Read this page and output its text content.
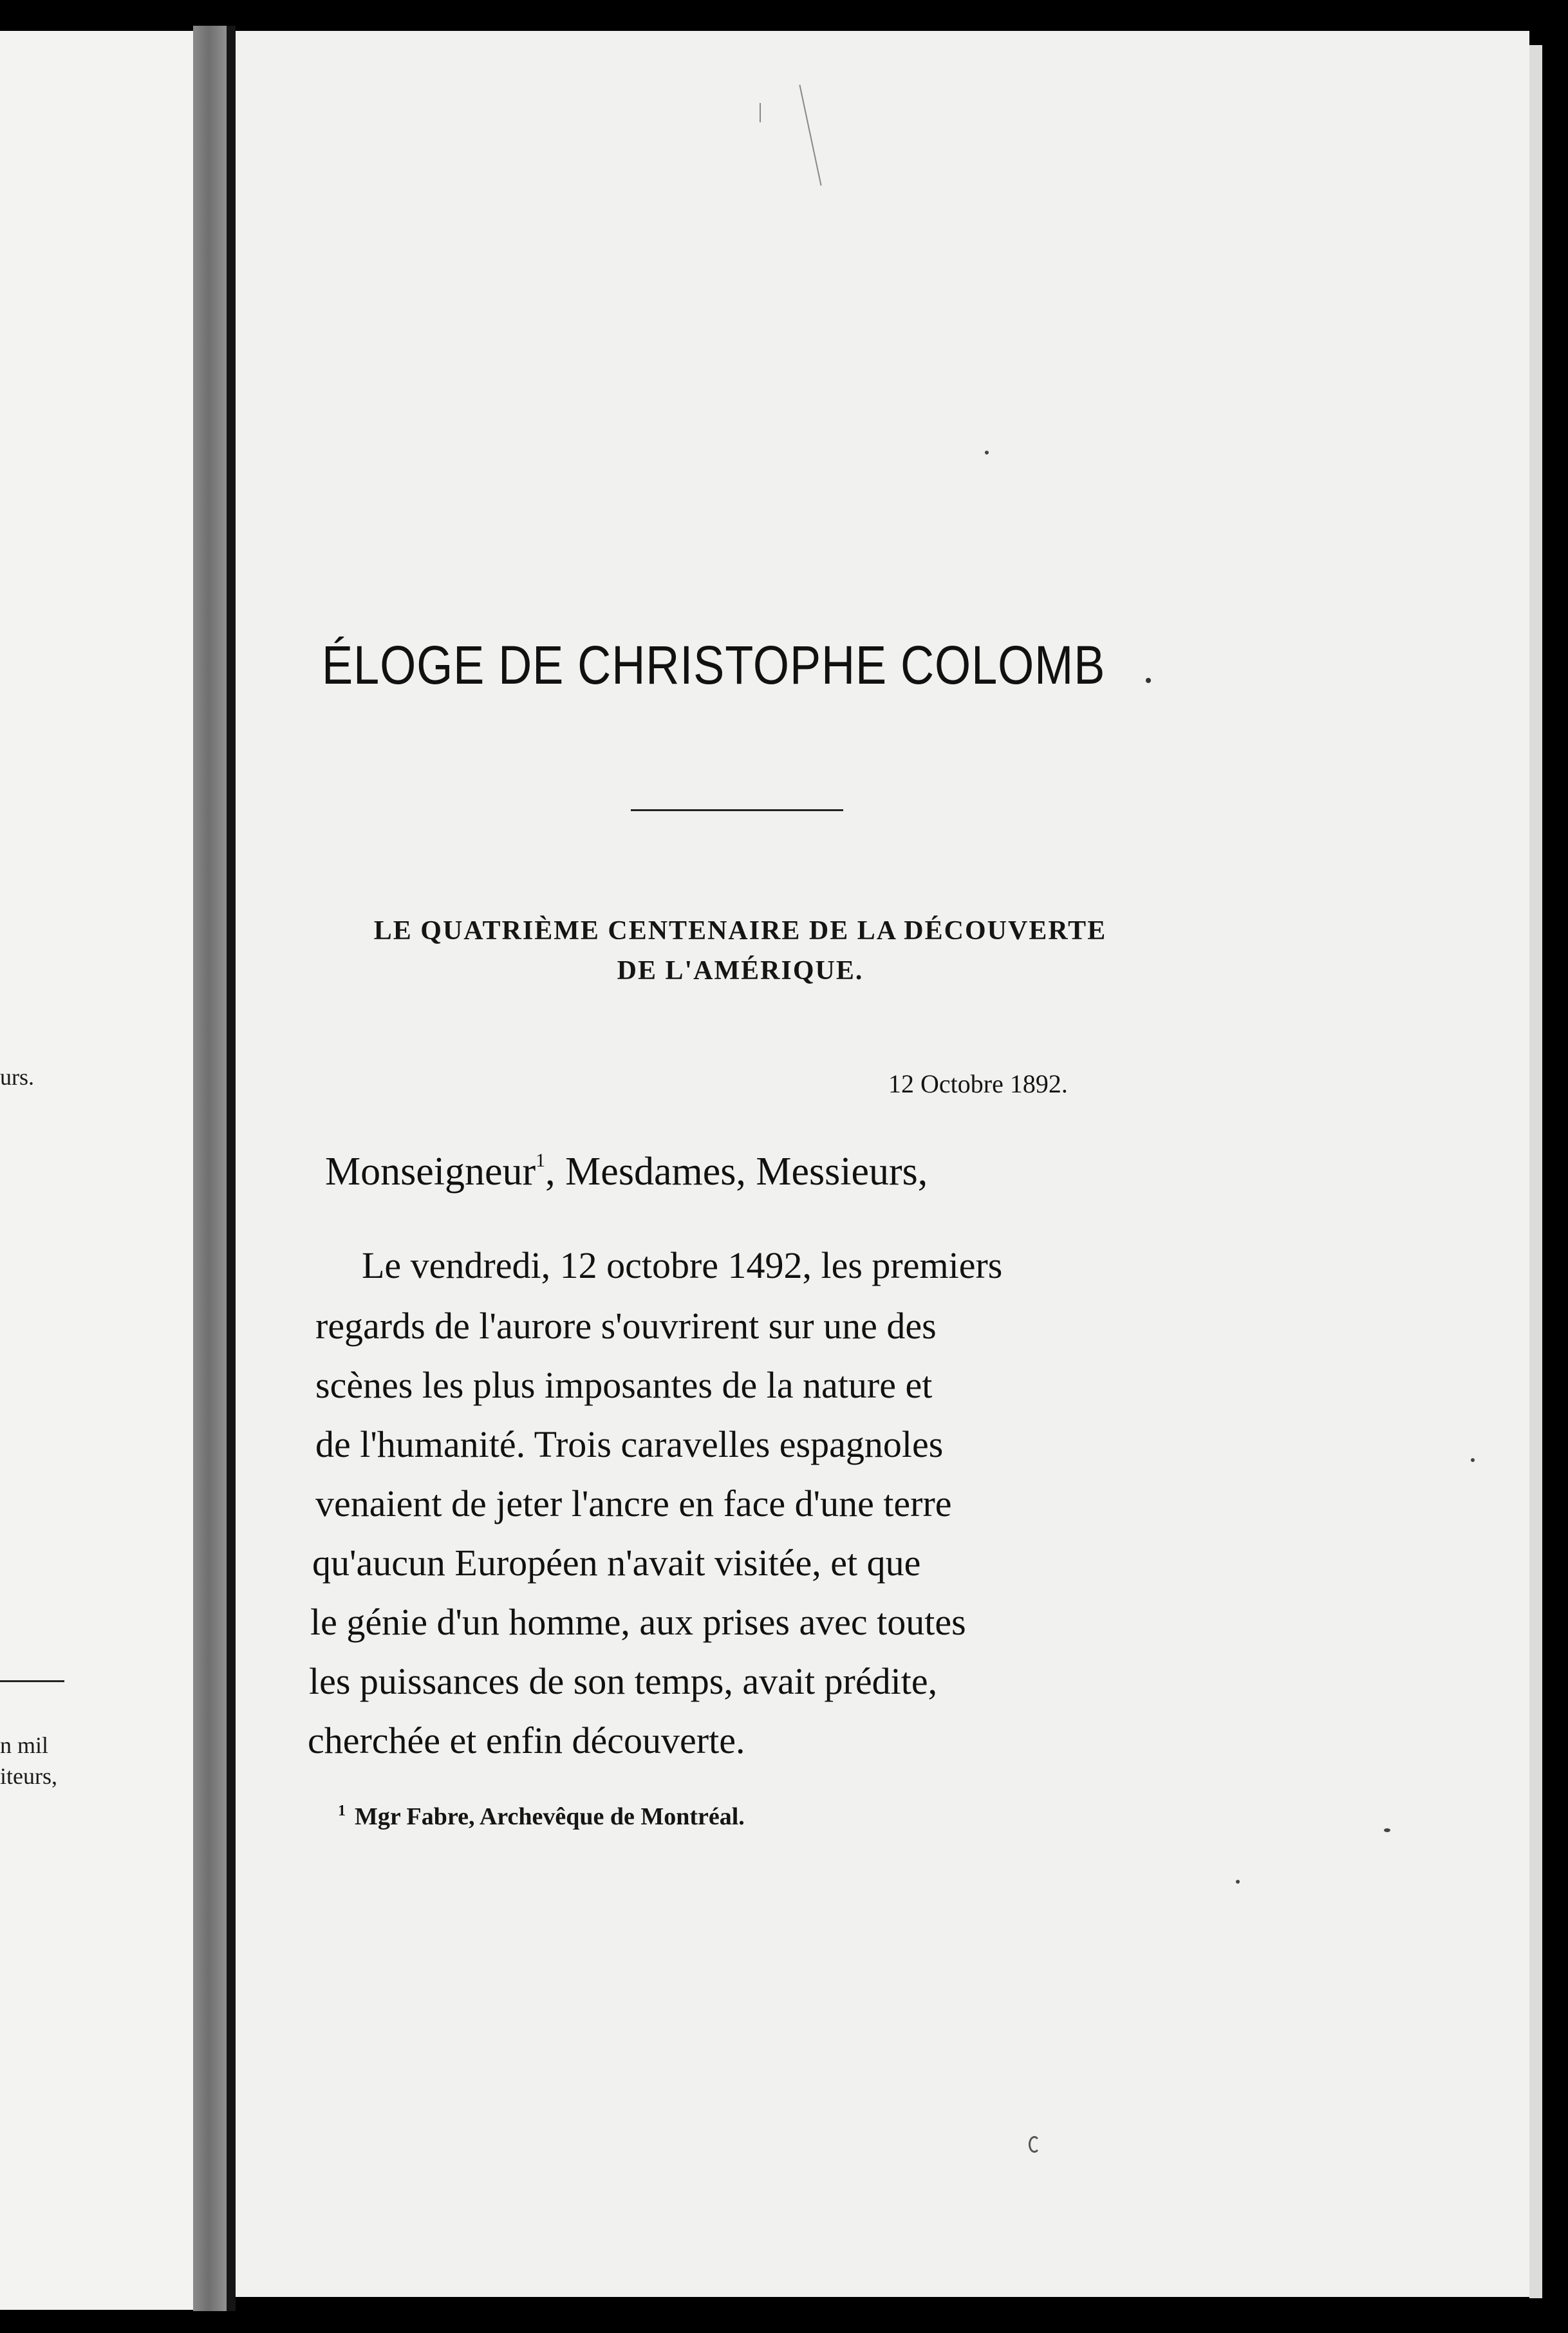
urs.
n mil
iteurs,
ÉLOGE DE CHRISTOPHE COLOMB
LE QUATRIÈME CENTENAIRE DE LA DÉCOUVERTE
DE L'AMÉRIQUE.
12 Octobre 1892.
Monseigneur$^1$, Mesdames, Messieurs,
Le vendredi, 12 octobre 1492, les premiers
regards de l'aurore s'ouvrirent sur une des
scènes les plus imposantes de la nature et
de l'humanité. Trois caravelles espagnoles
venaient de jeter l'ancre en face d'une terre
qu'aucun Européen n'avait visitée, et que
le génie d'un homme, aux prises avec toutes
les puissances de son temps, avait prédite,
cherchée et enfin découverte.
$^1$ Mgr Fabre, Archevêque de Montréal.
